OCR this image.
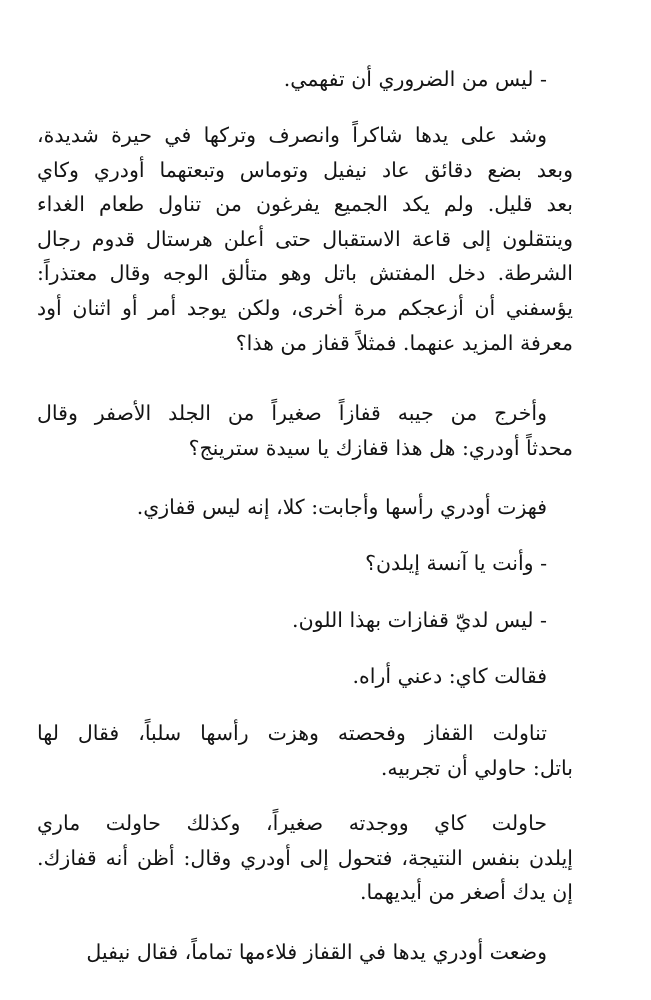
- ليس من الضروري أن تفهمي.

وشد على يدها شاكراً وانصرف وتركها في حيرة شديدة،
وبعد بضع دقائق عاد نيفيل وتوماس وتبعتهما أودري وكاي
بعد قليل. ولم يكد الجميع يفرغون من تناول طعام الغداء
وينتقلون إلى قاعة الاستقبال حتى أعلن هرستال قدوم رجال
الشرطة. دخل المفتش باتل وهو متألق الوجه وقال معتذراً:
يؤسفني أن أزعجكم مرة أخرى، ولكن يوجد أمر أو اثنان أود
معرفة المزيد عنهما. فمثلاً قفاز من هذا؟

وأخرج من جيبه قفازاً صغيراً من الجلد الأصفر وقال
محدثاً أودري: هل هذا قفازك يا سيدة سترينج؟

فهزت أودري رأسها وأجابت: كلا، إنه ليس قفازي.

- وأنت يا آنسة إيلدن؟

- ليس لديّ قفازات بهذا اللون.

فقالت كاي: دعني أراه.

تناولت القفاز وفحصته وهزت رأسها سلباً، فقال لها
باتل: حاولي أن تجربيه.

حاولت كاي ووجدته صغيراً، وكذلك حاولت ماري
إيلدن بنفس النتيجة، فتحول إلى أودري وقال: أظن أنه قفازك.
إن يدك أصغر من أيديهما.

وضعت أودري يدها في القفاز فلاءمها تماماً، فقال نيفيل
